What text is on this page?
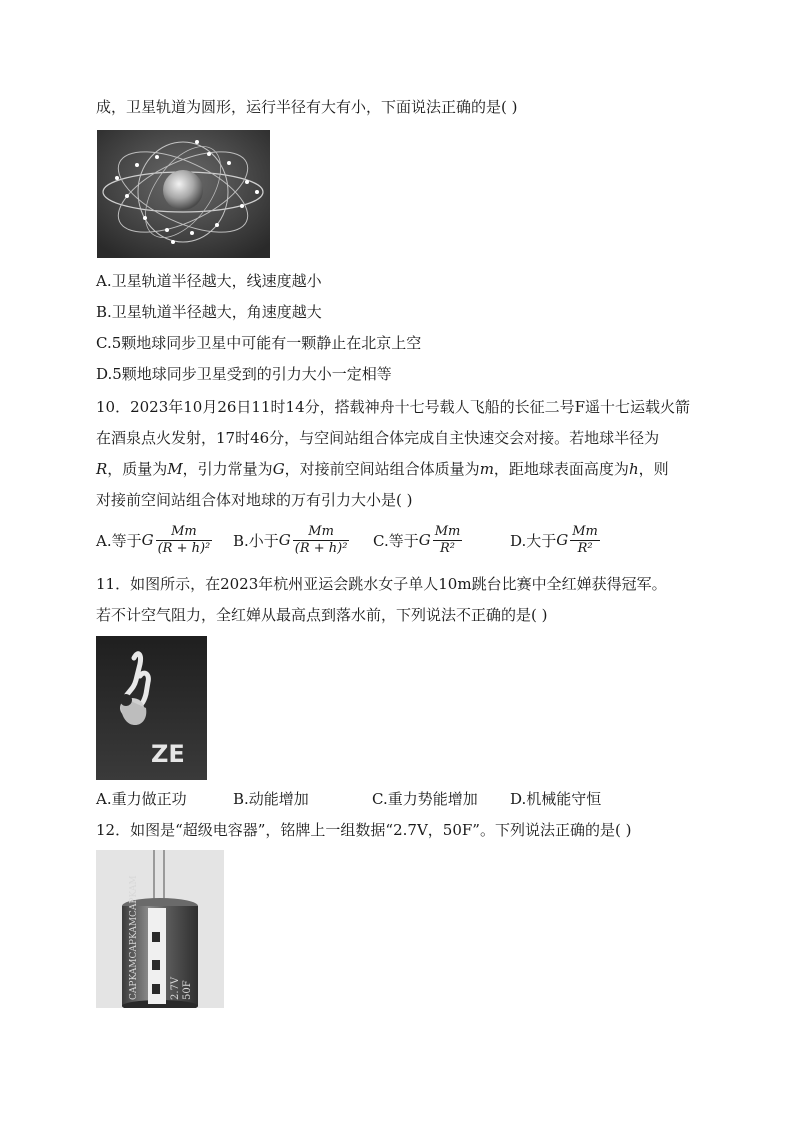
成，卫星轨道为圆形，运行半径有大有小，下面说法正确的是( )
A.卫星轨道半径越大，线速度越小
B.卫星轨道半径越大，角速度越大
C.5颗地球同步卫星中可能有一颗静止在北京上空
D.5颗地球同步卫星受到的引力大小一定相等
10．2023年10月26日11时14分，搭载神舟十七号载人飞船的长征二号F遥十七运载火箭
在酒泉点火发射，17时46分，与空间站组合体完成自主快速交会对接。若地球半径为
R，质量为M，引力常量为G，对接前空间站组合体质量为m，距地球表面高度为h，则
对接前空间站组合体对地球的万有引力大小是( )
A.等于 G $\frac{Mm}{\text{(R + h)²}} B$.小于 G $\frac{Mm}{\text{(R + h)²}} C$.等于 G $\frac{Mm}{\text{R²}}$	D.大于 G $\frac{Mm}{\text{R²}}$
11．如图所示，在2023年杭州亚运会跳水女子单人10m跳台比赛中全红婵获得冠军。
若不计空气阻力，全红婵从最高点到落水前，下列说法不正确的是( )
ZE
A.重力做正功	B.动能增加	C.重力势能增加 D.机械能守恒
12．如图是“超级电容器”，铭牌上一组数据“2.7V，50F”。下列说法正确的是( )
CAPKAMCAPKAMCAPKAM	2.7V 50F
